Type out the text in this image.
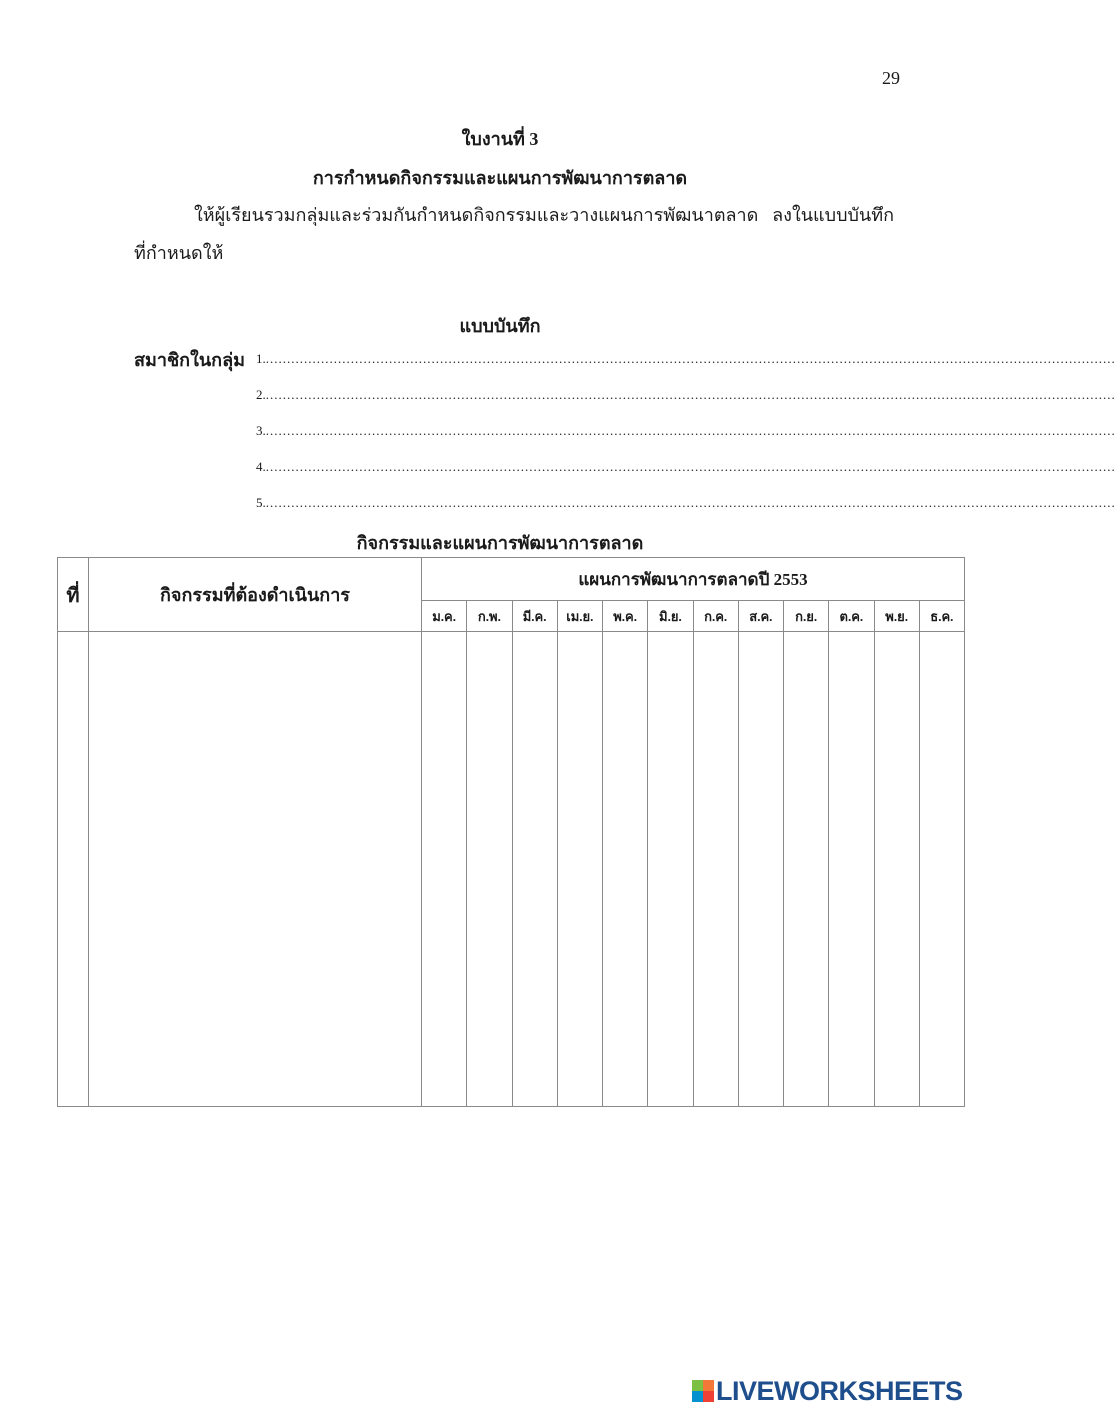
29
ใบงานที่ 3
การกำหนดกิจกรรมและแผนการพัฒนาการตลาด
ให้ผู้เรียนรวมกลุ่มและร่วมกันกำหนดกิจกรรมและวางแผนการพัฒนาตลาด ลงในแบบบันทึกที่กำหนดให้
แบบบันทึก
สมาชิกในกลุ่ม 1.........................................................................................................................................................................................................
2.........................................................................................................................................................................................................
3.........................................................................................................................................................................................................
4.........................................................................................................................................................................................................
5.........................................................................................................................................................................................................
กิจกรรมและแผนการพัฒนาการตลาด
ที่	กิจกรรมที่ต้องดำเนินการ	แผนการพัฒนาการตลาดปี 2553											
		ม.ค.	ก.พ.	มี.ค.	เม.ย.	พ.ค.	มิ.ย.	ก.ค.	ส.ค.	ก.ย.	ต.ค.	พ.ย.	ธ.ค.

LIVEWORKSHEETS
